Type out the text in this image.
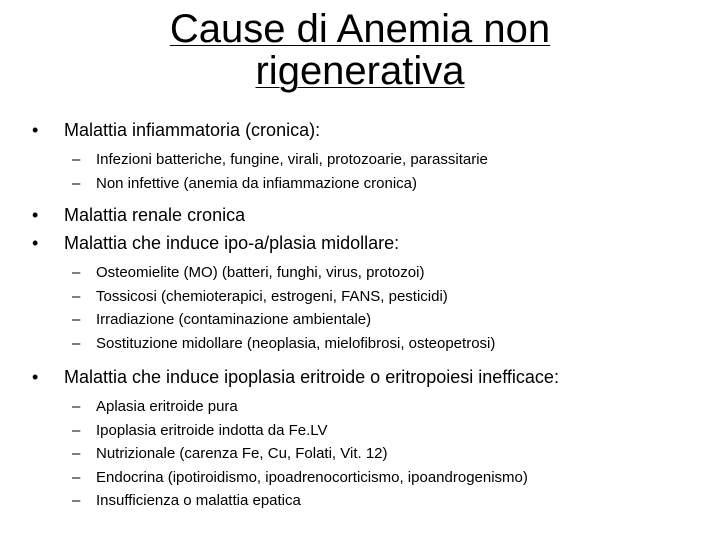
Cause di Anemia non
rigenerativa
• Malattia infiammatoria (cronica):
– Infezioni batteriche, fungine, virali, protozoarie, parassitarie
– Non infettive (anemia da infiammazione cronica)
• Malattia renale cronica
• Malattia che induce ipo-a/plasia midollare:
– Osteomielite (MO) (batteri, funghi, virus, protozoi)
– Tossicosi (chemioterapici, estrogeni, FANS, pesticidi)
– Irradiazione (contaminazione ambientale)
– Sostituzione midollare (neoplasia, mielofibrosi, osteopetrosi)
• Malattia che induce ipoplasia eritroide o eritropoiesi inefficace:
– Aplasia eritroide pura
– Ipoplasia eritroide indotta da Fe.LV
– Nutrizionale (carenza Fe, Cu, Folati, Vit. 12)
– Endocrina (ipotiroidismo, ipoadrenocorticismo, ipoandrogenismo)
– Insufficienza o malattia epatica
